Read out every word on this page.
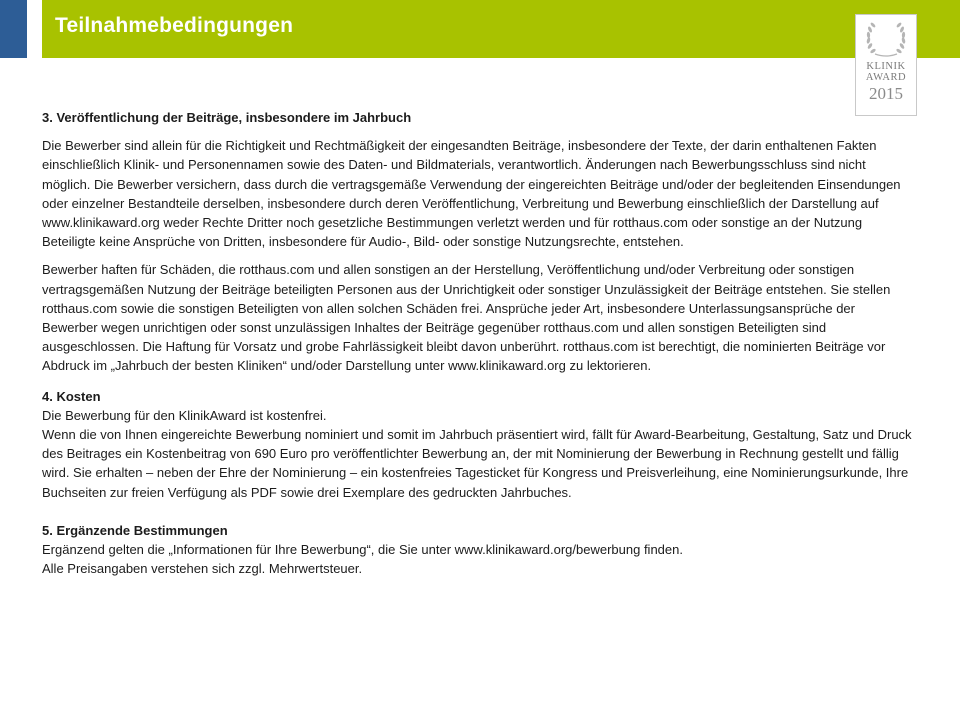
Teilnahmebedingungen
KLINIK
AWARD
2015

3. Veröffentlichung der Beiträge, insbesondere im Jahrbuch

Die Bewerber sind allein für die Richtigkeit und Rechtmäßigkeit der eingesandten Beiträge, insbesondere der Texte, der darin enthaltenen Fakten einschließlich Klinik- und Personennamen sowie des Daten- und Bildmaterials, verantwortlich. Änderungen nach Bewerbungsschluss sind nicht möglich. Die Bewerber versichern, dass durch die vertragsgemäße Verwendung der eingereichten Beiträge und/oder der begleitenden Einsendungen oder einzelner Bestandteile derselben, insbesondere durch deren Veröffentlichung, Verbreitung und Bewerbung einschließlich der Darstellung auf www.klinikaward.org weder Rechte Dritter noch gesetzliche Bestimmungen verletzt werden und für rotthaus.com oder sonstige an der Nutzung Beteiligte keine Ansprüche von Dritten, insbesondere für Audio-, Bild- oder sonstige Nutzungsrechte, entstehen.

Bewerber haften für Schäden, die rotthaus.com und allen sonstigen an der Herstellung, Veröffentlichung und/oder Verbreitung oder sonstigen vertragsgemäßen Nutzung der Beiträge beteiligten Personen aus der Unrichtigkeit oder sonstiger Unzulässigkeit der Beiträge entstehen. Sie stellen rotthaus.com sowie die sonstigen Beteiligten von allen solchen Schäden frei. Ansprüche jeder Art, insbesondere Unterlassungsansprüche der Bewerber wegen unrichtigen oder sonst unzulässigen Inhaltes der Beiträge gegenüber rotthaus.com und allen sonstigen Beteiligten sind ausgeschlossen. Die Haftung für Vorsatz und grobe Fahrlässigkeit bleibt davon unberührt. rotthaus.com ist berechtigt, die nominierten Beiträge vor Abdruck im „Jahrbuch der besten Kliniken“ und/oder Darstellung unter www.klinikaward.org zu lektorieren.

4. Kosten

Die Bewerbung für den KlinikAward ist kostenfrei.

Wenn die von Ihnen eingereichte Bewerbung nominiert und somit im Jahrbuch präsentiert wird, fällt für Award-Bearbeitung, Gestaltung, Satz und Druck des Beitrages ein Kostenbeitrag von 690 Euro pro veröffentlichter Bewerbung an, der mit Nominierung der Bewerbung in Rechnung gestellt und fällig wird. Sie erhalten – neben der Ehre der Nominierung – ein kostenfreies Tagesticket für Kongress und Preisverleihung, eine Nominierungsurkunde, Ihre Buchseiten zur freien Verfügung als PDF sowie drei Exemplare des gedruckten Jahrbuches.

5. Ergänzende Bestimmungen

Ergänzend gelten die „Informationen für Ihre Bewerbung“, die Sie unter www.klinikaward.org/bewerbung finden.

Alle Preisangaben verstehen sich zzgl. Mehrwertsteuer.
